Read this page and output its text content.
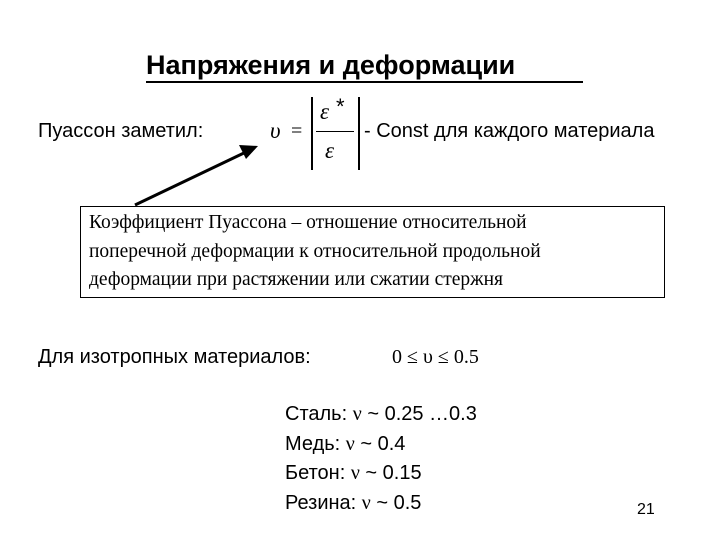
Напряжения и деформации
Пуассон заметил:	υ =
ε *
ε
- Const для каждого материала
Коэффициент Пуассона – отношение относительной
поперечной деформации к относительной продольной
деформации при растяжении или сжатии стержня
Для изотропных материалов:	0 ≤ υ ≤ 0.5
Сталь: ν ~ 0.25 …0.3
Медь: ν ~ 0.4
Бетон: ν ~ 0.15
Резина: ν ~ 0.5	21
